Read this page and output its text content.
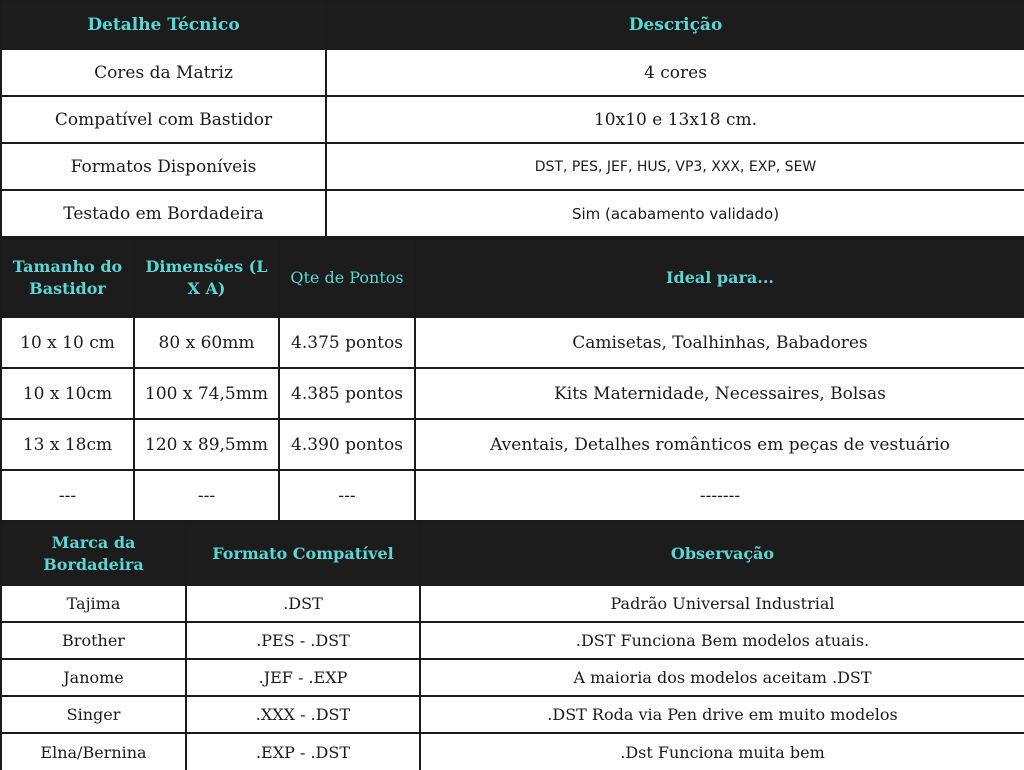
Detalhe Técnico	Descrição
Cores da Matriz	4 cores
Compatível com Bastidor	10x10 e 13x18 cm.
Formatos Disponíveis	DST, PES, JEF, HUS, VP3, XXX, EXP, SEW
Testado em Bordadeira	Sim (acabamento validado)
Tamanho do Bastidor	Dimensões (L X A)	Qte de Pontos	Ideal para...
10 x 10 cm	80 x 60mm	4.375 pontos	Camisetas, Toalhinhas, Babadores
10 x 10cm	100 x 74,5mm	4.385 pontos	Kits Maternidade, Necessaires, Bolsas
13 x 18cm	120 x 89,5mm	4.390 pontos	Aventais, Detalhes românticos em peças de vestuário
---	---	---	-------
Marca da Bordadeira	Formato Compatível	Observação
Tajima	.DST	Padrão Universal Industrial
Brother	.PES - .DST	.DST Funciona Bem modelos atuais.
Janome	.JEF - .EXP	A maioria dos modelos aceitam .DST
Singer	.XXX - .DST	.DST Roda via Pen drive em muito modelos
Elna/Bernina	.EXP - .DST	.Dst Funciona muita bem
